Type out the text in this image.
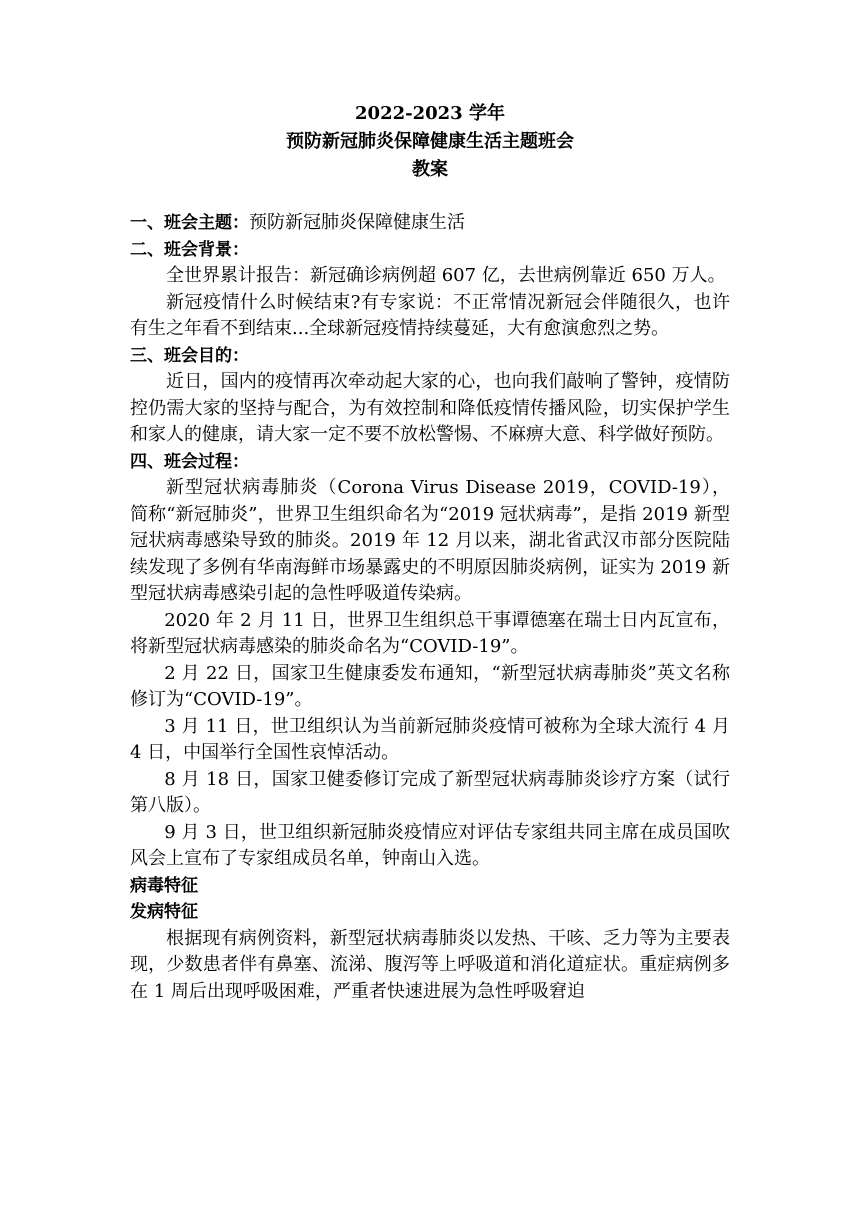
2022-2023 学年
预防新冠肺炎保障健康生活主题班会
教案
一、班会主题：预防新冠肺炎保障健康生活
二、班会背景：

全世界累计报告：新冠确诊病例超 607 亿，去世病例靠近 650 万人。

新冠疫情什么时候结束?有专家说：不正常情况新冠会伴随很久，也许有生之年看不到结束...全球新冠疫情持续蔓延，大有愈演愈烈之势。

三、班会目的：

近日，国内的疫情再次牵动起大家的心，也向我们敲响了警钟，疫情防控仍需大家的坚持与配合，为有效控制和降低疫情传播风险，切实保护学生和家人的健康，请大家一定不要不放松警惕、不麻痹大意、科学做好预防。

四、班会过程：

新型冠状病毒肺炎（Corona Virus Disease 2019，COVID-19），简称“新冠肺炎”，世界卫生组织命名为“2019 冠状病毒”，是指 2019 新型冠状病毒感染导致的肺炎。2019 年 12 月以来，湖北省武汉市部分医院陆续发现了多例有华南海鲜市场暴露史的不明原因肺炎病例，证实为 2019 新型冠状病毒感染引起的急性呼吸道传染病。

2020 年 2 月 11 日，世界卫生组织总干事谭德塞在瑞士日内瓦宣布，将新型冠状病毒感染的肺炎命名为“COVID-19”。

2 月 22 日，国家卫生健康委发布通知，“新型冠状病毒肺炎”英文名称修订为“COVID-19”。

3 月 11 日，世卫组织认为当前新冠肺炎疫情可被称为全球大流行 4 月 4 日，中国举行全国性哀悼活动。

8 月 18 日，国家卫健委修订完成了新型冠状病毒肺炎诊疗方案（试行第八版）。

9 月 3 日，世卫组织新冠肺炎疫情应对评估专家组共同主席在成员国吹风会上宣布了专家组成员名单，钟南山入选。

病毒特征
发病特征

根据现有病例资料，新型冠状病毒肺炎以发热、干咳、乏力等为主要表现，少数患者伴有鼻塞、流涕、腹泻等上呼吸道和消化道症状。重症病例多在 1 周后出现呼吸困难，严重者快速进展为急性呼吸窘迫
